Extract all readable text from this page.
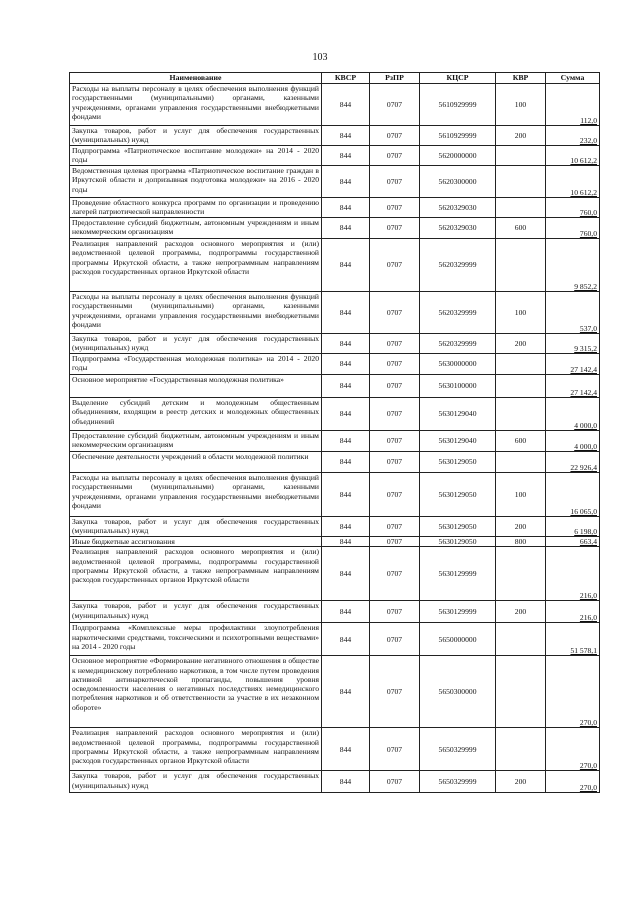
103
Наименование	КВСР	РзПР	КЦСР	КВР	Сумма
Расходы на выплаты персоналу в целях обеспечения выполнения функций государственными (муниципальными) органами, казенными учреждениями, органами управления государственными внебюджетными фондами	844	0707	5610929999	100	112,0
Закупка товаров, работ и услуг для обеспечения государственных (муниципальных) нужд	844	0707	5610929999	200	232,0
Подпрограмма «Патриотическое воспитание молодежи» на 2014 - 2020 годы	844	0707	5620000000		10 612,2
Ведомственная целевая программа «Патриотическое воспитание граждан в Иркутской области и допризывная подготовка молодежи» на 2016 - 2020 годы	844	0707	5620300000		10 612,2
Проведение областного конкурса программ по организации и проведению лагерей патриотической направленности	844	0707	5620329030		760,0
Предоставление субсидий бюджетным, автономным учреждениям и иным некоммерческим организациям	844	0707	5620329030	600	760,0
Реализация направлений расходов основного мероприятия и (или) ведомственной целевой программы, подпрограммы государственной программы Иркутской области, а также непрограммным направлениям расходов государственных органов Иркутской области	844	0707	5620329999		9 852,2
Расходы на выплаты персоналу в целях обеспечения выполнения функций государственными (муниципальными) органами, казенными учреждениями, органами управления государственными внебюджетными фондами	844	0707	5620329999	100	537,0
Закупка товаров, работ и услуг для обеспечения государственных (муниципальных) нужд	844	0707	5620329999	200	9 315,2
Подпрограмма «Государственная молодежная политика» на 2014 - 2020 годы	844	0707	5630000000		27 142,4
Основное мероприятие «Государственная молодежная политика»	844	0707	5630100000		27 142,4
Выделение субсидий детским и молодежным общественным объединениям, входящим в реестр детских и молодежных общественных объединений	844	0707	5630129040		4 000,0
Предоставление субсидий бюджетным, автономным учреждениям и иным некоммерческим организациям	844	0707	5630129040	600	4 000,0
Обеспечение деятельности учреждений в области молодежной политики	844	0707	5630129050		22 926,4
Расходы на выплаты персоналу в целях обеспечения выполнения функций государственными (муниципальными) органами, казенными учреждениями, органами управления государственными внебюджетными фондами	844	0707	5630129050	100	16 065,0
Закупка товаров, работ и услуг для обеспечения государственных (муниципальных) нужд	844	0707	5630129050	200	6 198,0
Иные бюджетные ассигнования	844	0707	5630129050	800	663,4
Реализация направлений расходов основного мероприятия и (или) ведомственной целевой программы, подпрограммы государственной программы Иркутской области, а также непрограммным направлениям расходов государственных органов Иркутской области	844	0707	5630129999		216,0
Закупка товаров, работ и услуг для обеспечения государственных (муниципальных) нужд	844	0707	5630129999	200	216,0
Подпрограмма «Комплексные меры профилактики злоупотребления наркотическими средствами, токсическими и психотропными веществами» на 2014 - 2020 годы	844	0707	5650000000		51 578,1
Основное мероприятие «Формирование негативного отношения в обществе к немедицинскому потреблению наркотиков, в том числе путем проведения активной антинаркотической пропаганды, повышения уровня осведомленности населения о негативных последствиях немедицинского потребления наркотиков и об ответственности за участие в их незаконном обороте»	844	0707	5650300000		270,0
Реализация направлений расходов основного мероприятия и (или) ведомственной целевой программы, подпрограммы государственной программы Иркутской области, а также непрограммным направлениям расходов государственных органов Иркутской области	844	0707	5650329999		270,0
Закупка товаров, работ и услуг для обеспечения государственных (муниципальных) нужд	844	0707	5650329999	200	270,0
